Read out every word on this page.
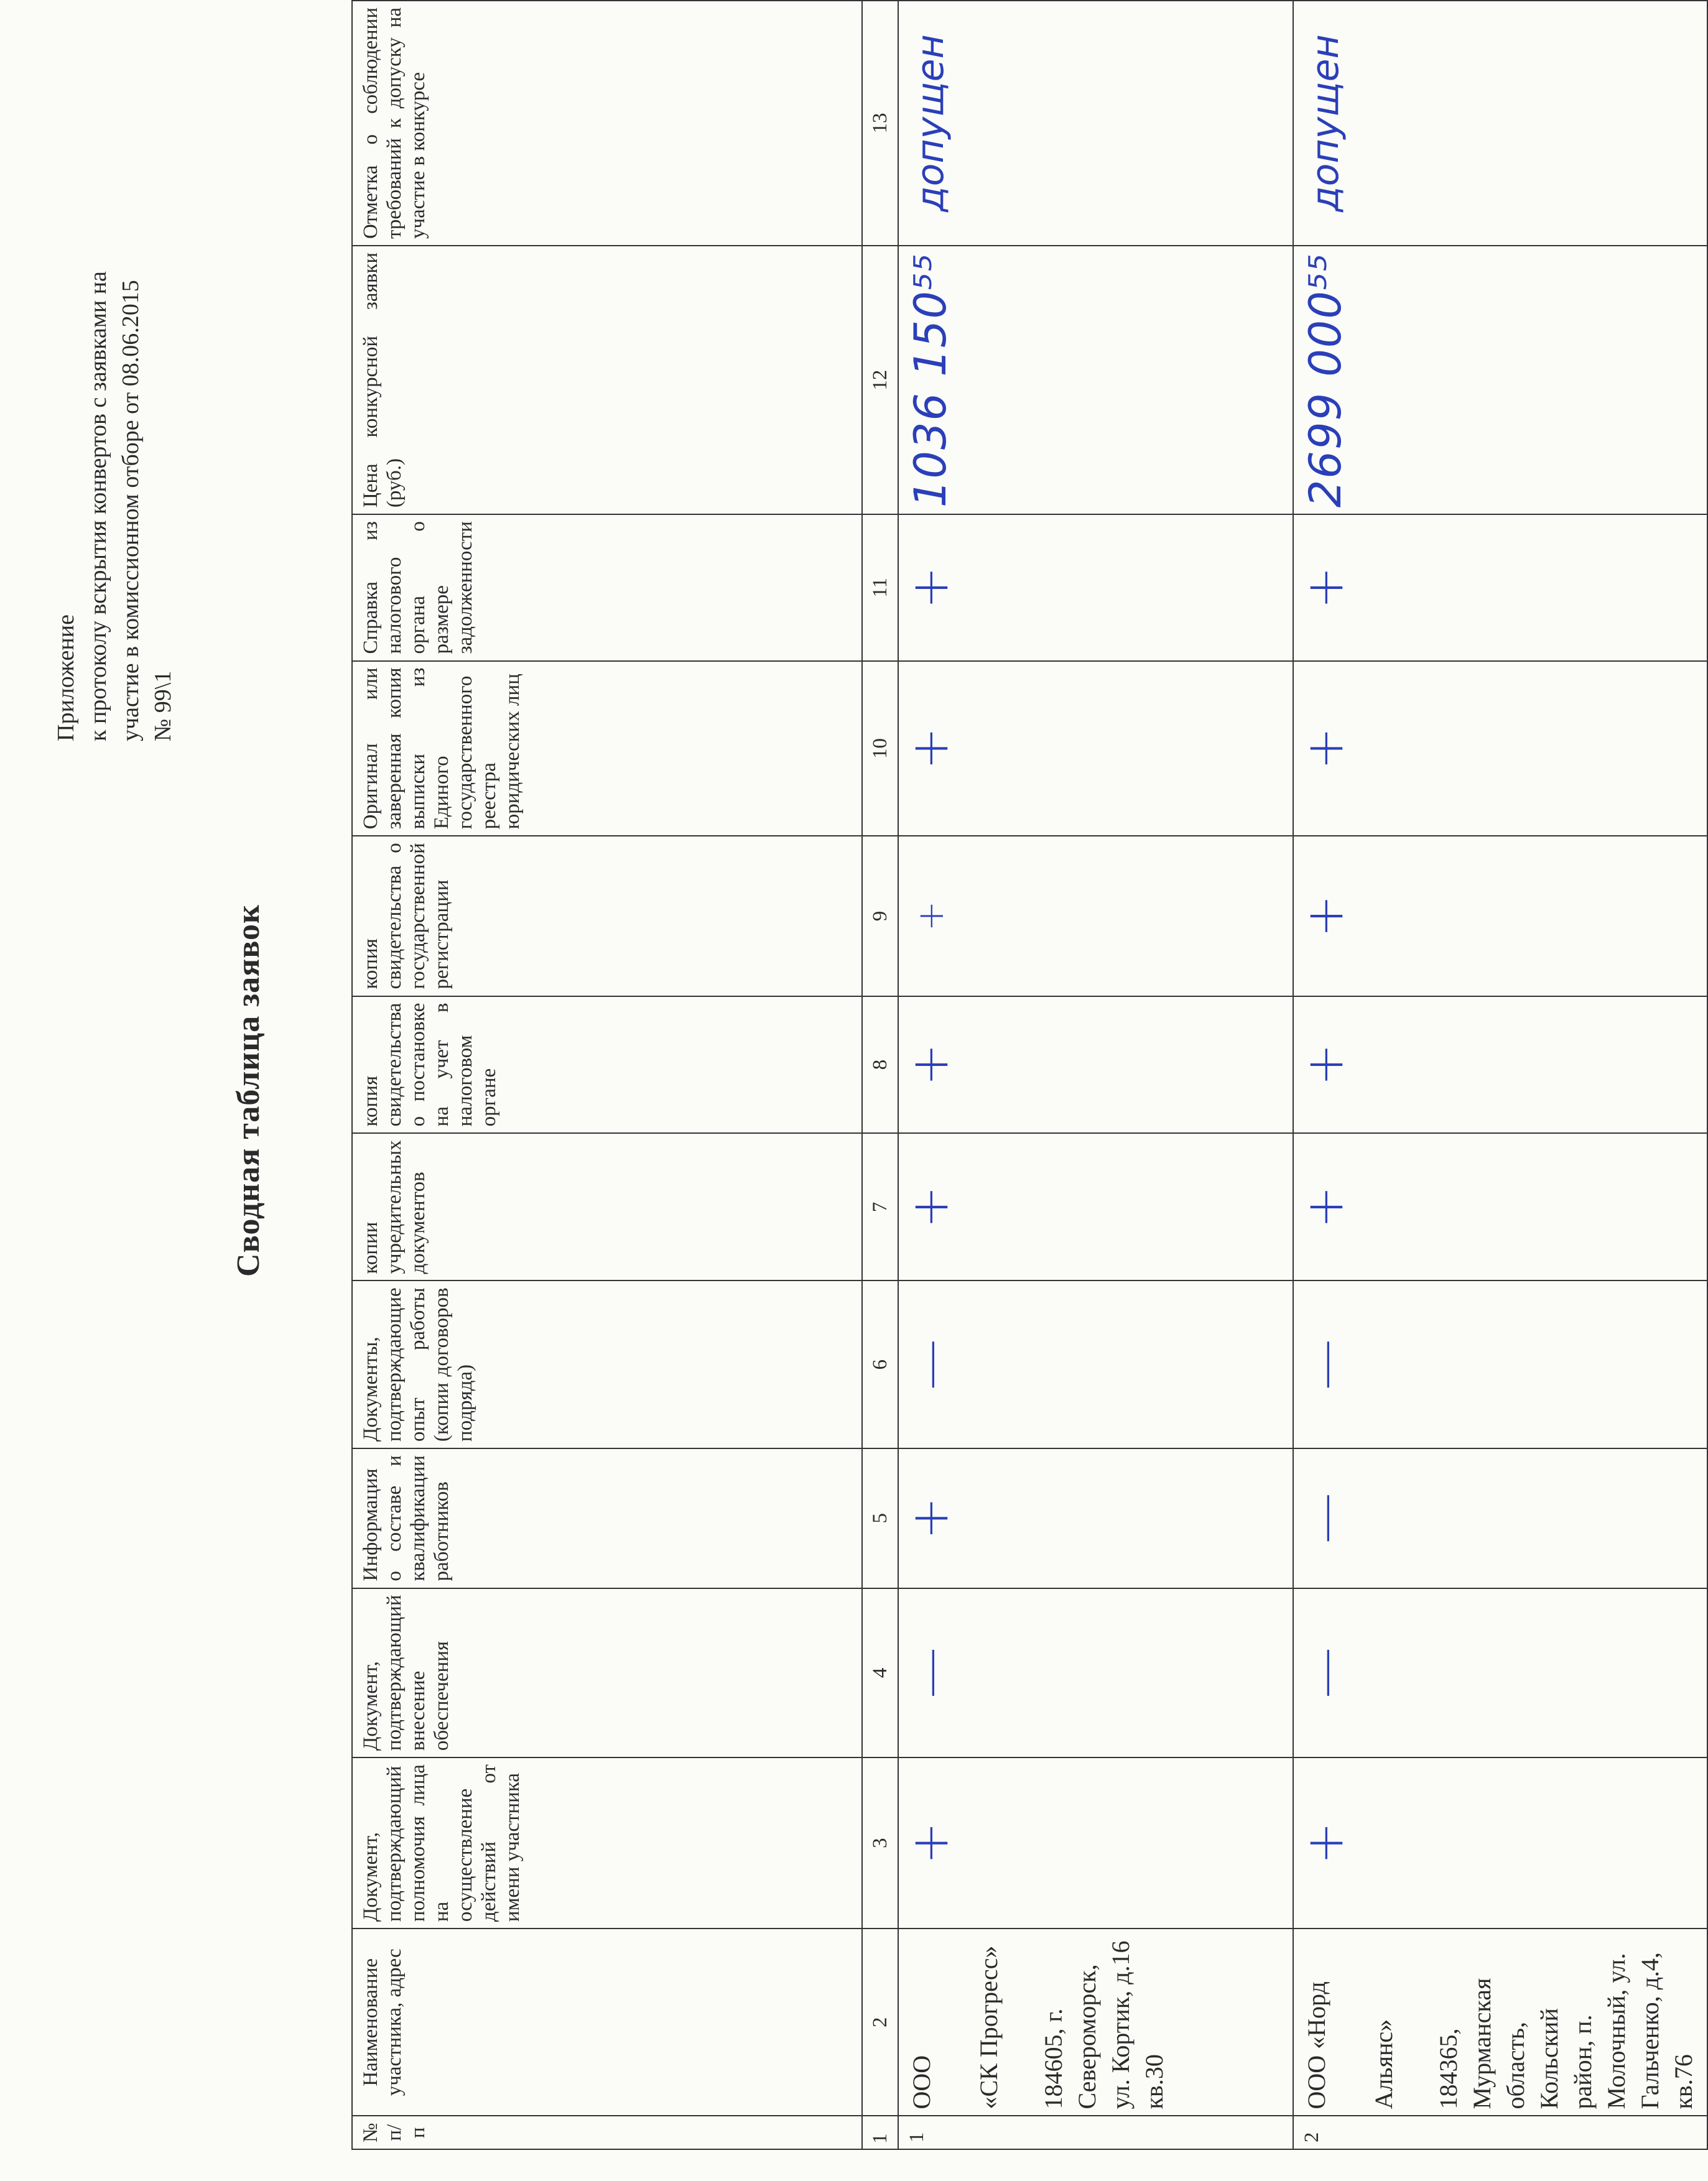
Приложение к протоколу вскрытия конвертов с заявками на участие в комиссионном отборе от 08.06.2015 № 99\1
Сводная таблица заявок
№ п/п	Наименование участника, адрес	Документ, подтверждающий полномочия лица на осуществление действий от имени участника	Документ, подтверждающий внесение обеспечения	Информация о составе и квалификации работников	Документы, подтверждающие опыт работы (копии договоров подряда)	копии учредительных документов	копия свидетельства о постановке на учет в налоговом органе	копия свидетельства о государственной регистрации	Оригинал или заверенная копия выписки из Единого государственного реестра юридических лиц	Справка из налогового органа о размере задолженности	Цена конкурсной заявки (руб.)	Отметка о соблюдении требований к допуску на участие в конкурсе
1	2	3	4	5	6	7	8	9	10	11	12	13
1	ООО «СК Прогресс» 184605, г. Североморск, ул. Кортик, д.16 кв.30	+	—	+	—	+	+	+	+	+	1036 150⁵⁵	допущен
2	ООО «Норд Альянс» 184365, Мурманская область, Кольский район, п. Молочный, ул. Гальченко, д.4, кв.76	+	—	—	—	+	+	+	+	+	2699 000⁵⁵	допущен
